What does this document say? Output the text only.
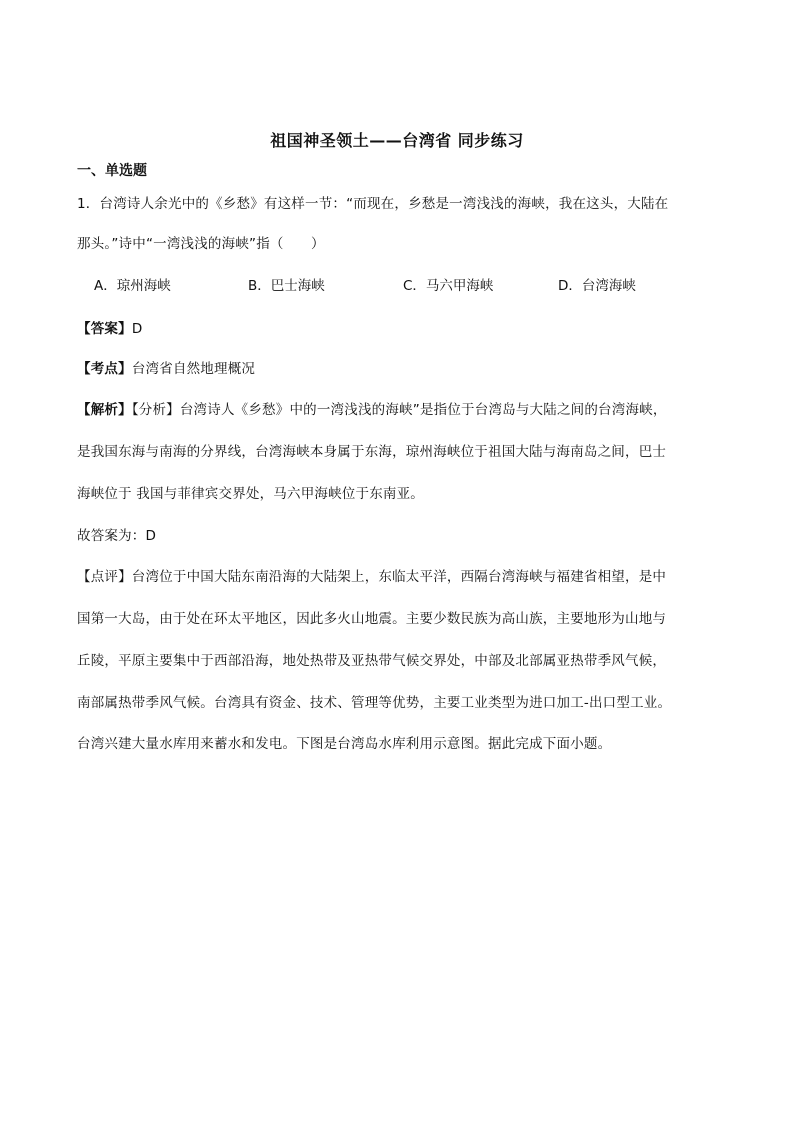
祖国神圣领土——台湾省 同步练习
一、单选题
1．台湾诗人余光中的《乡愁》有这样一节：“而现在，乡愁是一湾浅浅的海峡，我在这头，大陆在
那头。”诗中“一湾浅浅的海峡”指（　　）
A．琼州海峡	B．巴士海峡	C．马六甲海峡	D．台湾海峡
【答案】D
【考点】台湾省自然地理概况
【解析】【分析】台湾诗人《乡愁》中的一湾浅浅的海峡”是指位于台湾岛与大陆之间的台湾海峡，
是我国东海与南海的分界线，台湾海峡本身属于东海，琼州海峡位于祖国大陆与海南岛之间，巴士
海峡位于 我国与菲律宾交界处，马六甲海峡位于东南亚。
故答案为：D
【点评】台湾位于中国大陆东南沿海的大陆架上，东临太平洋，西隔台湾海峡与福建省相望，是中
国第一大岛，由于处在环太平地区，因此多火山地震。主要少数民族为高山族，主要地形为山地与
丘陵，平原主要集中于西部沿海，地处热带及亚热带气候交界处，中部及北部属亚热带季风气候，
南部属热带季风气候。台湾具有资金、技术、管理等优势，主要工业类型为进口加工-出口型工业。
台湾兴建大量水库用来蓄水和发电。下图是台湾岛水库利用示意图。据此完成下面小题。
